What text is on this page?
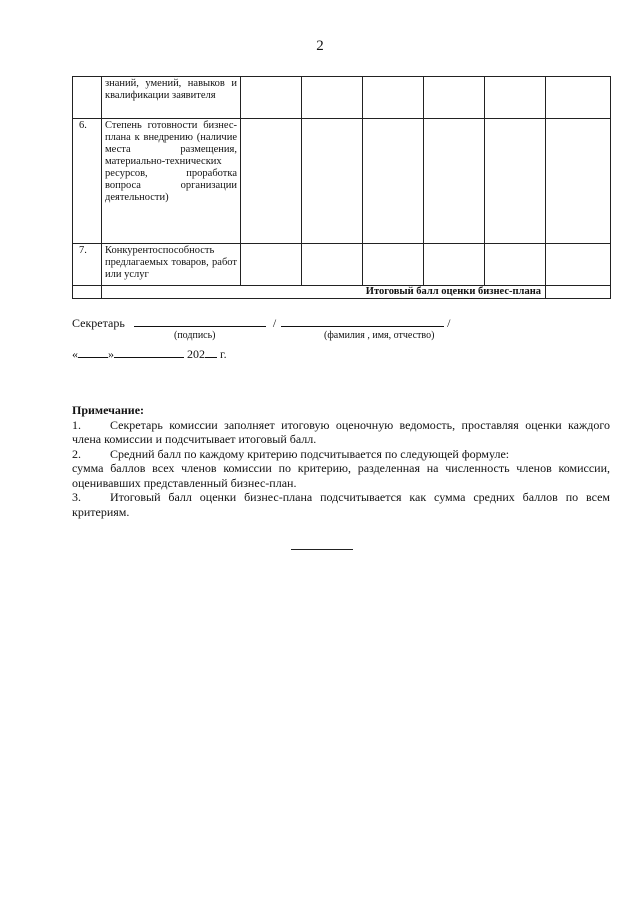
2
	знаний, умений, навыков и квалификации заявителя						
6.	Степень готовности бизнес-плана к внедрению (наличие места размещения, материально-технических ресурсов, проработка вопроса организации деятельности)						
7.	Конкурентоспособность предлагаемых товаров, работ или услуг						
	Итоговый балл оценки бизнес-плана						
Секретарь	/	/
(подпись)	(фамилия , имя, отчество)
«	»	202 г.
Примечание:
1. Секретарь комиссии заполняет итоговую оценочную ведомость, проставляя оценки каждого члена комиссии и подсчитывает итоговый балл.
2. Средний балл по каждому критерию подсчитывается по следующей формуле:
сумма баллов всех членов комиссии по критерию, разделенная на численность членов комиссии, оценивавших представленный бизнес-план.
3. Итоговый балл оценки бизнес-плана подсчитывается как сумма средних баллов по всем критериям.
